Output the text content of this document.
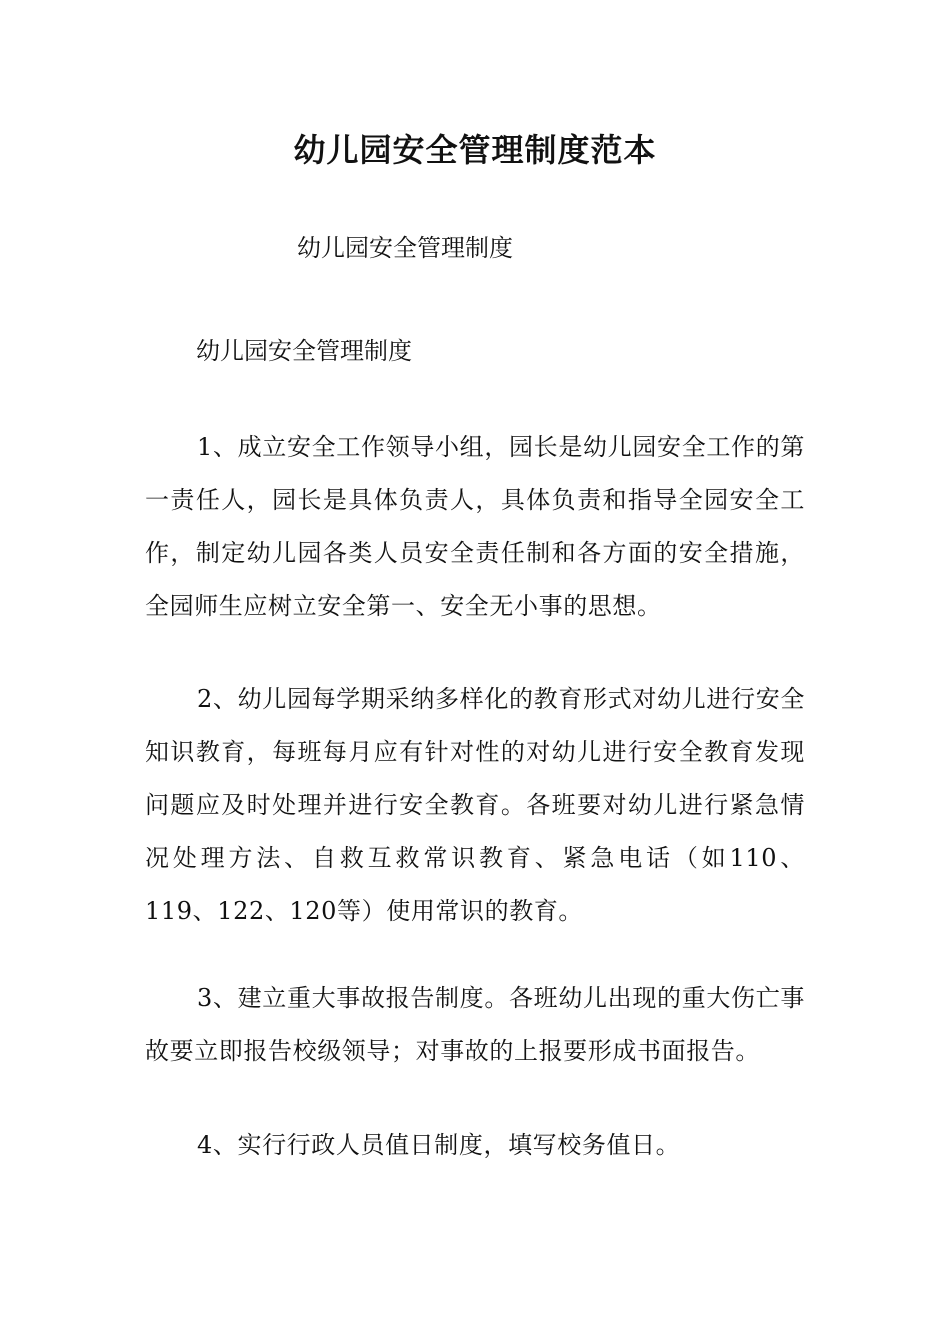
幼儿园安全管理制度范本

幼儿园安全管理制度

幼儿园安全管理制度

1、成立安全工作领导小组，园长是幼儿园安全工作的第一责任人，园长是具体负责人，具体负责和指导全园安全工作，制定幼儿园各类人员安全责任制和各方面的安全措施，全园师生应树立安全第一、安全无小事的思想。

2、幼儿园每学期采纳多样化的教育形式对幼儿进行安全知识教育，每班每月应有针对性的对幼儿进行安全教育发现问题应及时处理并进行安全教育。各班要对幼儿进行紧急情况处理方法、自救互救常识教育、紧急电话（如110、119、122、120等）使用常识的教育。

3、建立重大事故报告制度。各班幼儿出现的重大伤亡事故要立即报告校级领导；对事故的上报要形成书面报告。

4、实行行政人员值日制度，填写校务值日。
